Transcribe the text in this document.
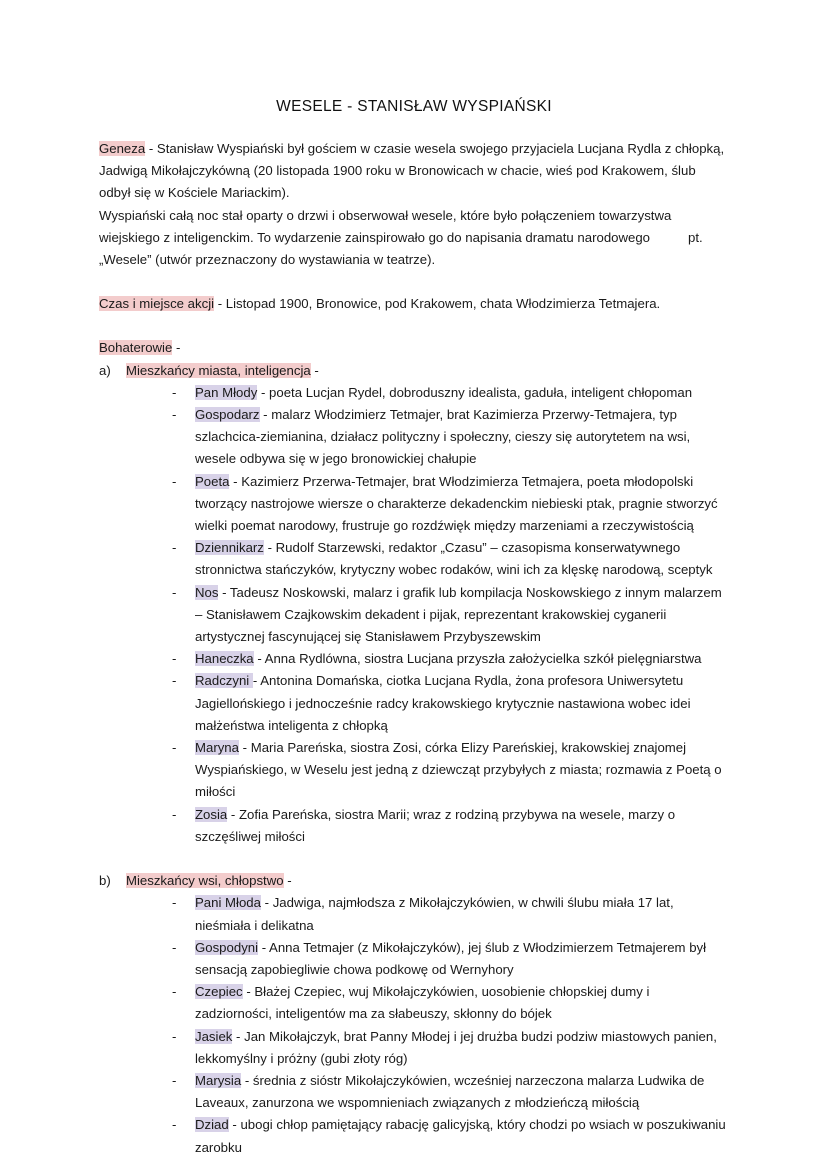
WESELE - STANISŁAW WYSPIAŃSKI

Geneza - Stanisław Wyspiański był gościem w czasie wesela swojego przyjaciela Lucjana Rydla z chłopką, Jadwigą Mikołajczykówną (20 listopada 1900 roku w Bronowicach w chacie, wieś pod Krakowem, ślub odbył się w Kościele Mariackim).

Wyspiański całą noc stał oparty o drzwi i obserwował wesele, które było połączeniem towarzystwa wiejskiego z inteligenckim. To wydarzenie zainspirowało go do napisania dramatu narodowego	pt. „Wesele” (utwór przeznaczony do wystawiania w teatrze).

Czas i miejsce akcji - Listopad 1900, Bronowice, pod Krakowem, chata Włodzimierza Tetmajera.

Bohaterowie -

a)	Mieszkańcy miasta, inteligencja -

-	Pan Młody - poeta Lucjan Rydel, dobroduszny idealista, gaduła, inteligent chłopoman

-	Gospodarz - malarz Włodzimierz Tetmajer, brat Kazimierza Przerwy-Tetmajera, typ szlachcica-ziemianina, działacz polityczny i społeczny, cieszy się autorytetem na wsi, wesele odbywa się w jego bronowickiej chałupie

-	Poeta - Kazimierz Przerwa-Tetmajer, brat Włodzimierza Tetmajera, poeta młodopolski tworzący nastrojowe wiersze o charakterze dekadenckim niebieski ptak, pragnie stworzyć wielki poemat narodowy, frustruje go rozdźwięk między marzeniami a rzeczywistością

-	Dziennikarz - Rudolf Starzewski, redaktor „Czasu” – czasopisma konserwatywnego stronnictwa stańczyków, krytyczny wobec rodaków, wini ich za klęskę narodową, sceptyk

-	Nos - Tadeusz Noskowski, malarz i grafik lub kompilacja Noskowskiego z innym malarzem – Stanisławem Czajkowskim dekadent i pijak, reprezentant krakowskiej cyganerii artystycznej fascynującej się Stanisławem Przybyszewskim

-	Haneczka - Anna Rydlówna, siostra Lucjana przyszła założycielka szkół pielęgniarstwa

-	Radczyni - Antonina Domańska, ciotka Lucjana Rydla, żona profesora Uniwersytetu Jagiellońskiego i jednocześnie radcy krakowskiego krytycznie nastawiona wobec idei małżeństwa inteligenta z chłopką

-	Maryna - Maria Pareńska, siostra Zosi, córka Elizy Pareńskiej, krakowskiej znajomej Wyspiańskiego, w Weselu jest jedną z dziewcząt przybyłych z miasta; rozmawia z Poetą o miłości

-	Zosia - Zofia Pareńska, siostra Marii; wraz z rodziną przybywa na wesele, marzy o szczęśliwej miłości

b)	Mieszkańcy wsi, chłopstwo -

-	Pani Młoda - Jadwiga, najmłodsza z Mikołajczykówien, w chwili ślubu miała 17 lat, nieśmiała i delikatna

-	Gospodyni - Anna Tetmajer (z Mikołajczyków), jej ślub z Włodzimierzem Tetmajerem był sensacją zapobiegliwie chowa podkowę od Wernyhory

-	Czepiec - Błażej Czepiec, wuj Mikołajczykówien, uosobienie chłopskiej dumy i zadziorności, inteligentów ma za słabeuszy, skłonny do bójek

-	Jasiek - Jan Mikołajczyk, brat Panny Młodej i jej drużba budzi podziw miastowych panien, lekkomyślny i próżny (gubi złoty róg)

-	Marysia - średnia z sióstr Mikołajczykówien, wcześniej narzeczona malarza Ludwika de Laveaux, zanurzona we wspomnieniach związanych z młodzieńczą miłością

-	Dziad - ubogi chłop pamiętający rabację galicyjską, który chodzi po wsiach w poszukiwaniu zarobku
